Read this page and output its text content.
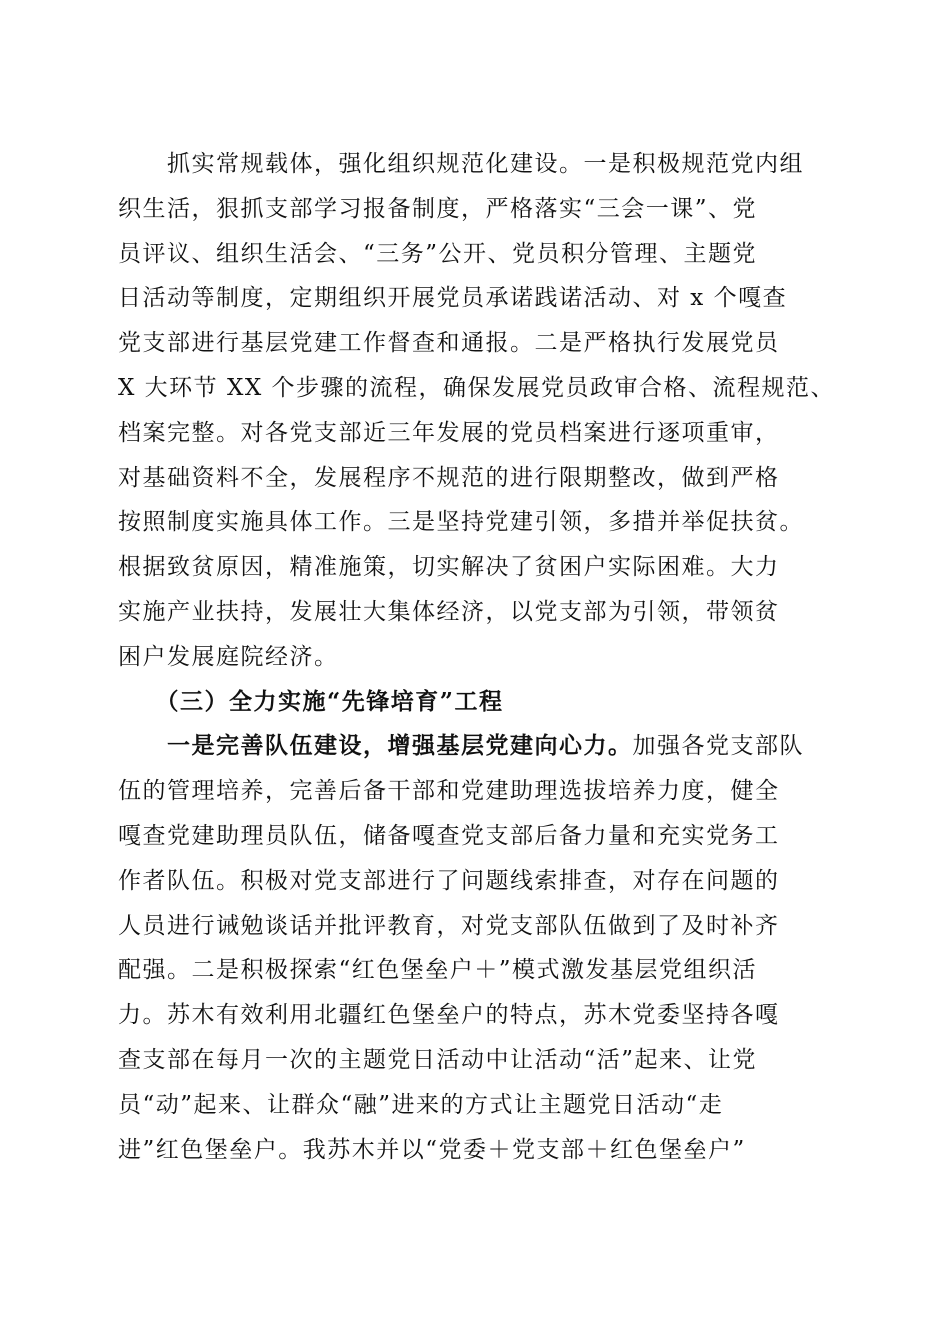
　　抓实常规载体，强化组织规范化建设。一是积极规范党内组
织生活，狠抓支部学习报备制度，严格落实“三会一课”、党
员评议、组织生活会、“三务”公开、党员积分管理、主题党
日活动等制度，定期组织开展党员承诺践诺活动、对 x 个嘎查
党支部进行基层党建工作督查和通报。二是严格执行发展党员
X 大环节 XX 个步骤的流程，确保发展党员政审合格、流程规范、
档案完整。对各党支部近三年发展的党员档案进行逐项重审，
对基础资料不全，发展程序不规范的进行限期整改，做到严格
按照制度实施具体工作。三是坚持党建引领，多措并举促扶贫。
根据致贫原因，精准施策，切实解决了贫困户实际困难。大力
实施产业扶持，发展壮大集体经济，以党支部为引领，带领贫
困户发展庭院经济。
　　（三）全力实施“先锋培育”工程
　　一是完善队伍建设，增强基层党建向心力。加强各党支部队
伍的管理培养，完善后备干部和党建助理选拔培养力度，健全
嘎查党建助理员队伍，储备嘎查党支部后备力量和充实党务工
作者队伍。积极对党支部进行了问题线索排查，对存在问题的
人员进行诫勉谈话并批评教育，对党支部队伍做到了及时补齐
配强。二是积极探索“红色堡垒户＋”模式激发基层党组织活
力。苏木有效利用北疆红色堡垒户的特点，苏木党委坚持各嘎
查支部在每月一次的主题党日活动中让活动“活”起来、让党
员“动”起来、让群众“融”进来的方式让主题党日活动“走
进”红色堡垒户。我苏木并以“党委＋党支部＋红色堡垒户”
